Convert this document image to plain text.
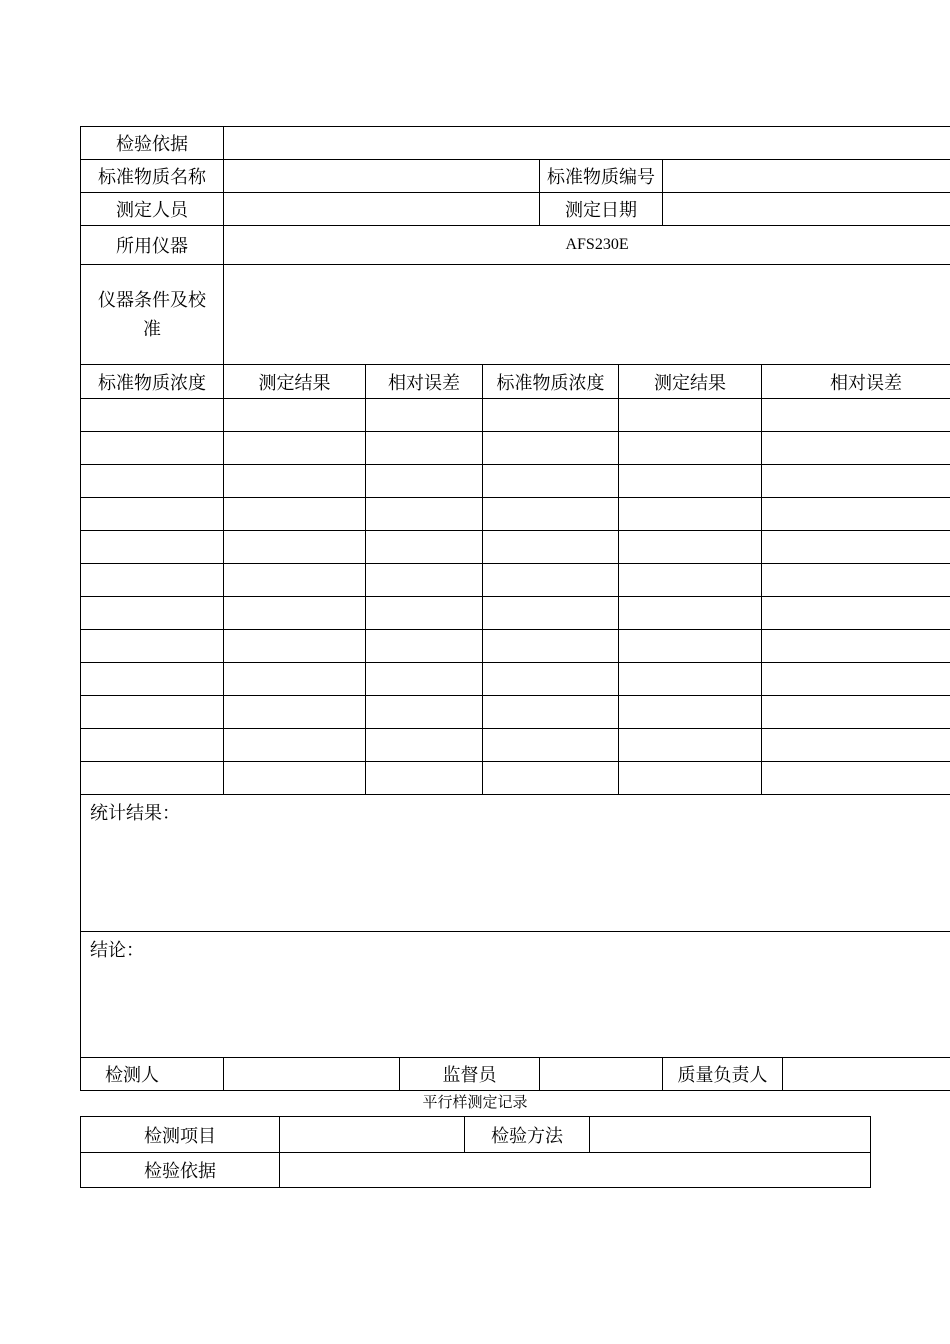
检验依据									
标准物质名称					标准物质编号				
测定人员					测定日期				
所用仪器	AFS230E								
仪器条件及校准									
标准物质浓度	测定结果	相对误差		标准物质浓度		测定结果		相对误差	

统计结果：									
结论：									
检测人			监督员				质量负责人		
平行样测定记录
检测项目		检验方法	
检验依据			
